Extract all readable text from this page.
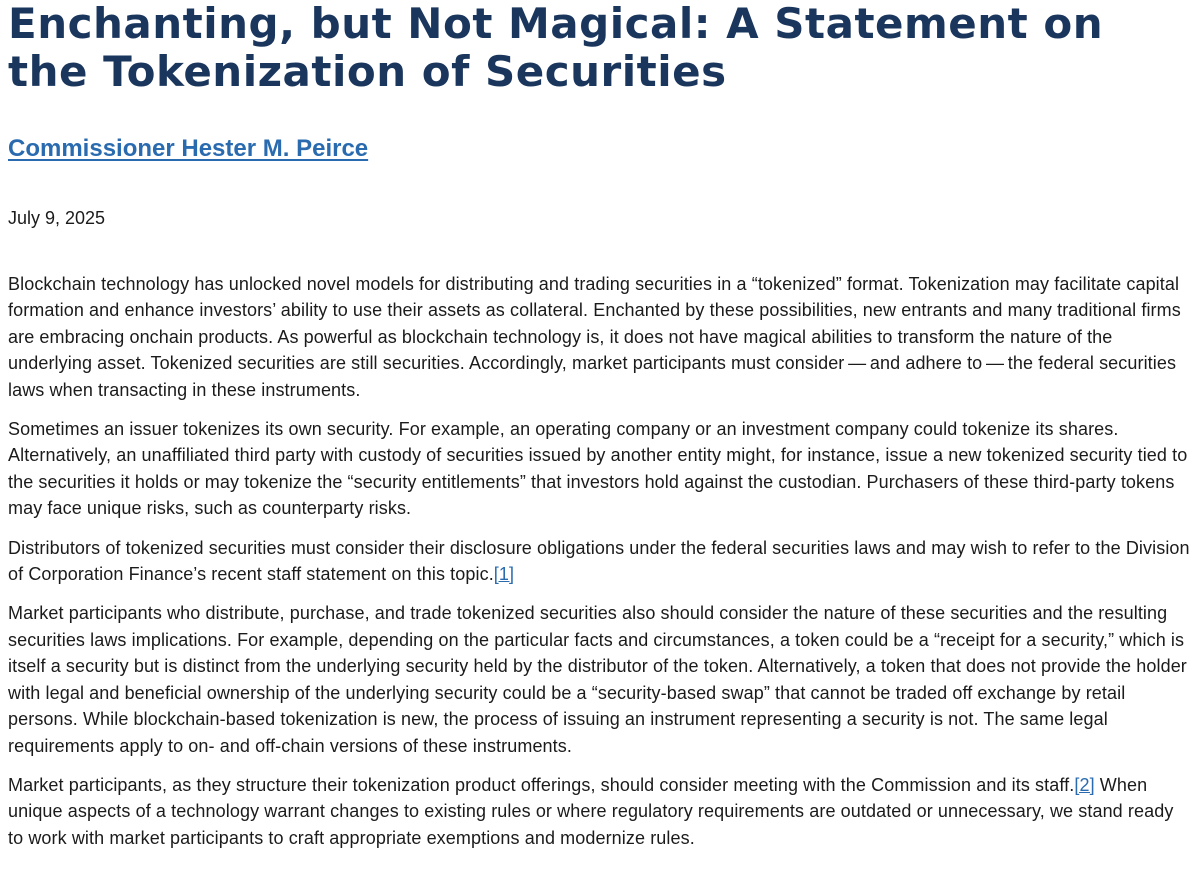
Enchanting, but Not Magical: A Statement on the Tokenization of Securities
Commissioner Hester M. Peirce
July 9, 2025

Blockchain technology has unlocked novel models for distributing and trading securities in a “tokenized” format. Tokenization may facilitate capital formation and enhance investors’ ability to use their assets as collateral. Enchanted by these possibilities, new entrants and many traditional firms are embracing onchain products. As powerful as blockchain technology is, it does not have magical abilities to transform the nature of the underlying asset. Tokenized securities are still securities. Accordingly, market participants must consider — and adhere to — the federal securities laws when transacting in these instruments.

Sometimes an issuer tokenizes its own security. For example, an operating company or an investment company could tokenize its shares. Alternatively, an unaffiliated third party with custody of securities issued by another entity might, for instance, issue a new tokenized security tied to the securities it holds or may tokenize the “security entitlements” that investors hold against the custodian. Purchasers of these third-party tokens may face unique risks, such as counterparty risks.

Distributors of tokenized securities must consider their disclosure obligations under the federal securities laws and may wish to refer to the Division of Corporation Finance’s recent staff statement on this topic.[1]

Market participants who distribute, purchase, and trade tokenized securities also should consider the nature of these securities and the resulting securities laws implications. For example, depending on the particular facts and circumstances, a token could be a “receipt for a security,” which is itself a security but is distinct from the underlying security held by the distributor of the token. Alternatively, a token that does not provide the holder with legal and beneficial ownership of the underlying security could be a “security-based swap” that cannot be traded off exchange by retail persons. While blockchain-based tokenization is new, the process of issuing an instrument representing a security is not. The same legal requirements apply to on- and off-chain versions of these instruments.

Market participants, as they structure their tokenization product offerings, should consider meeting with the Commission and its staff.[2] When unique aspects of a technology warrant changes to existing rules or where regulatory requirements are outdated or unnecessary, we stand ready to work with market participants to craft appropriate exemptions and modernize rules.
